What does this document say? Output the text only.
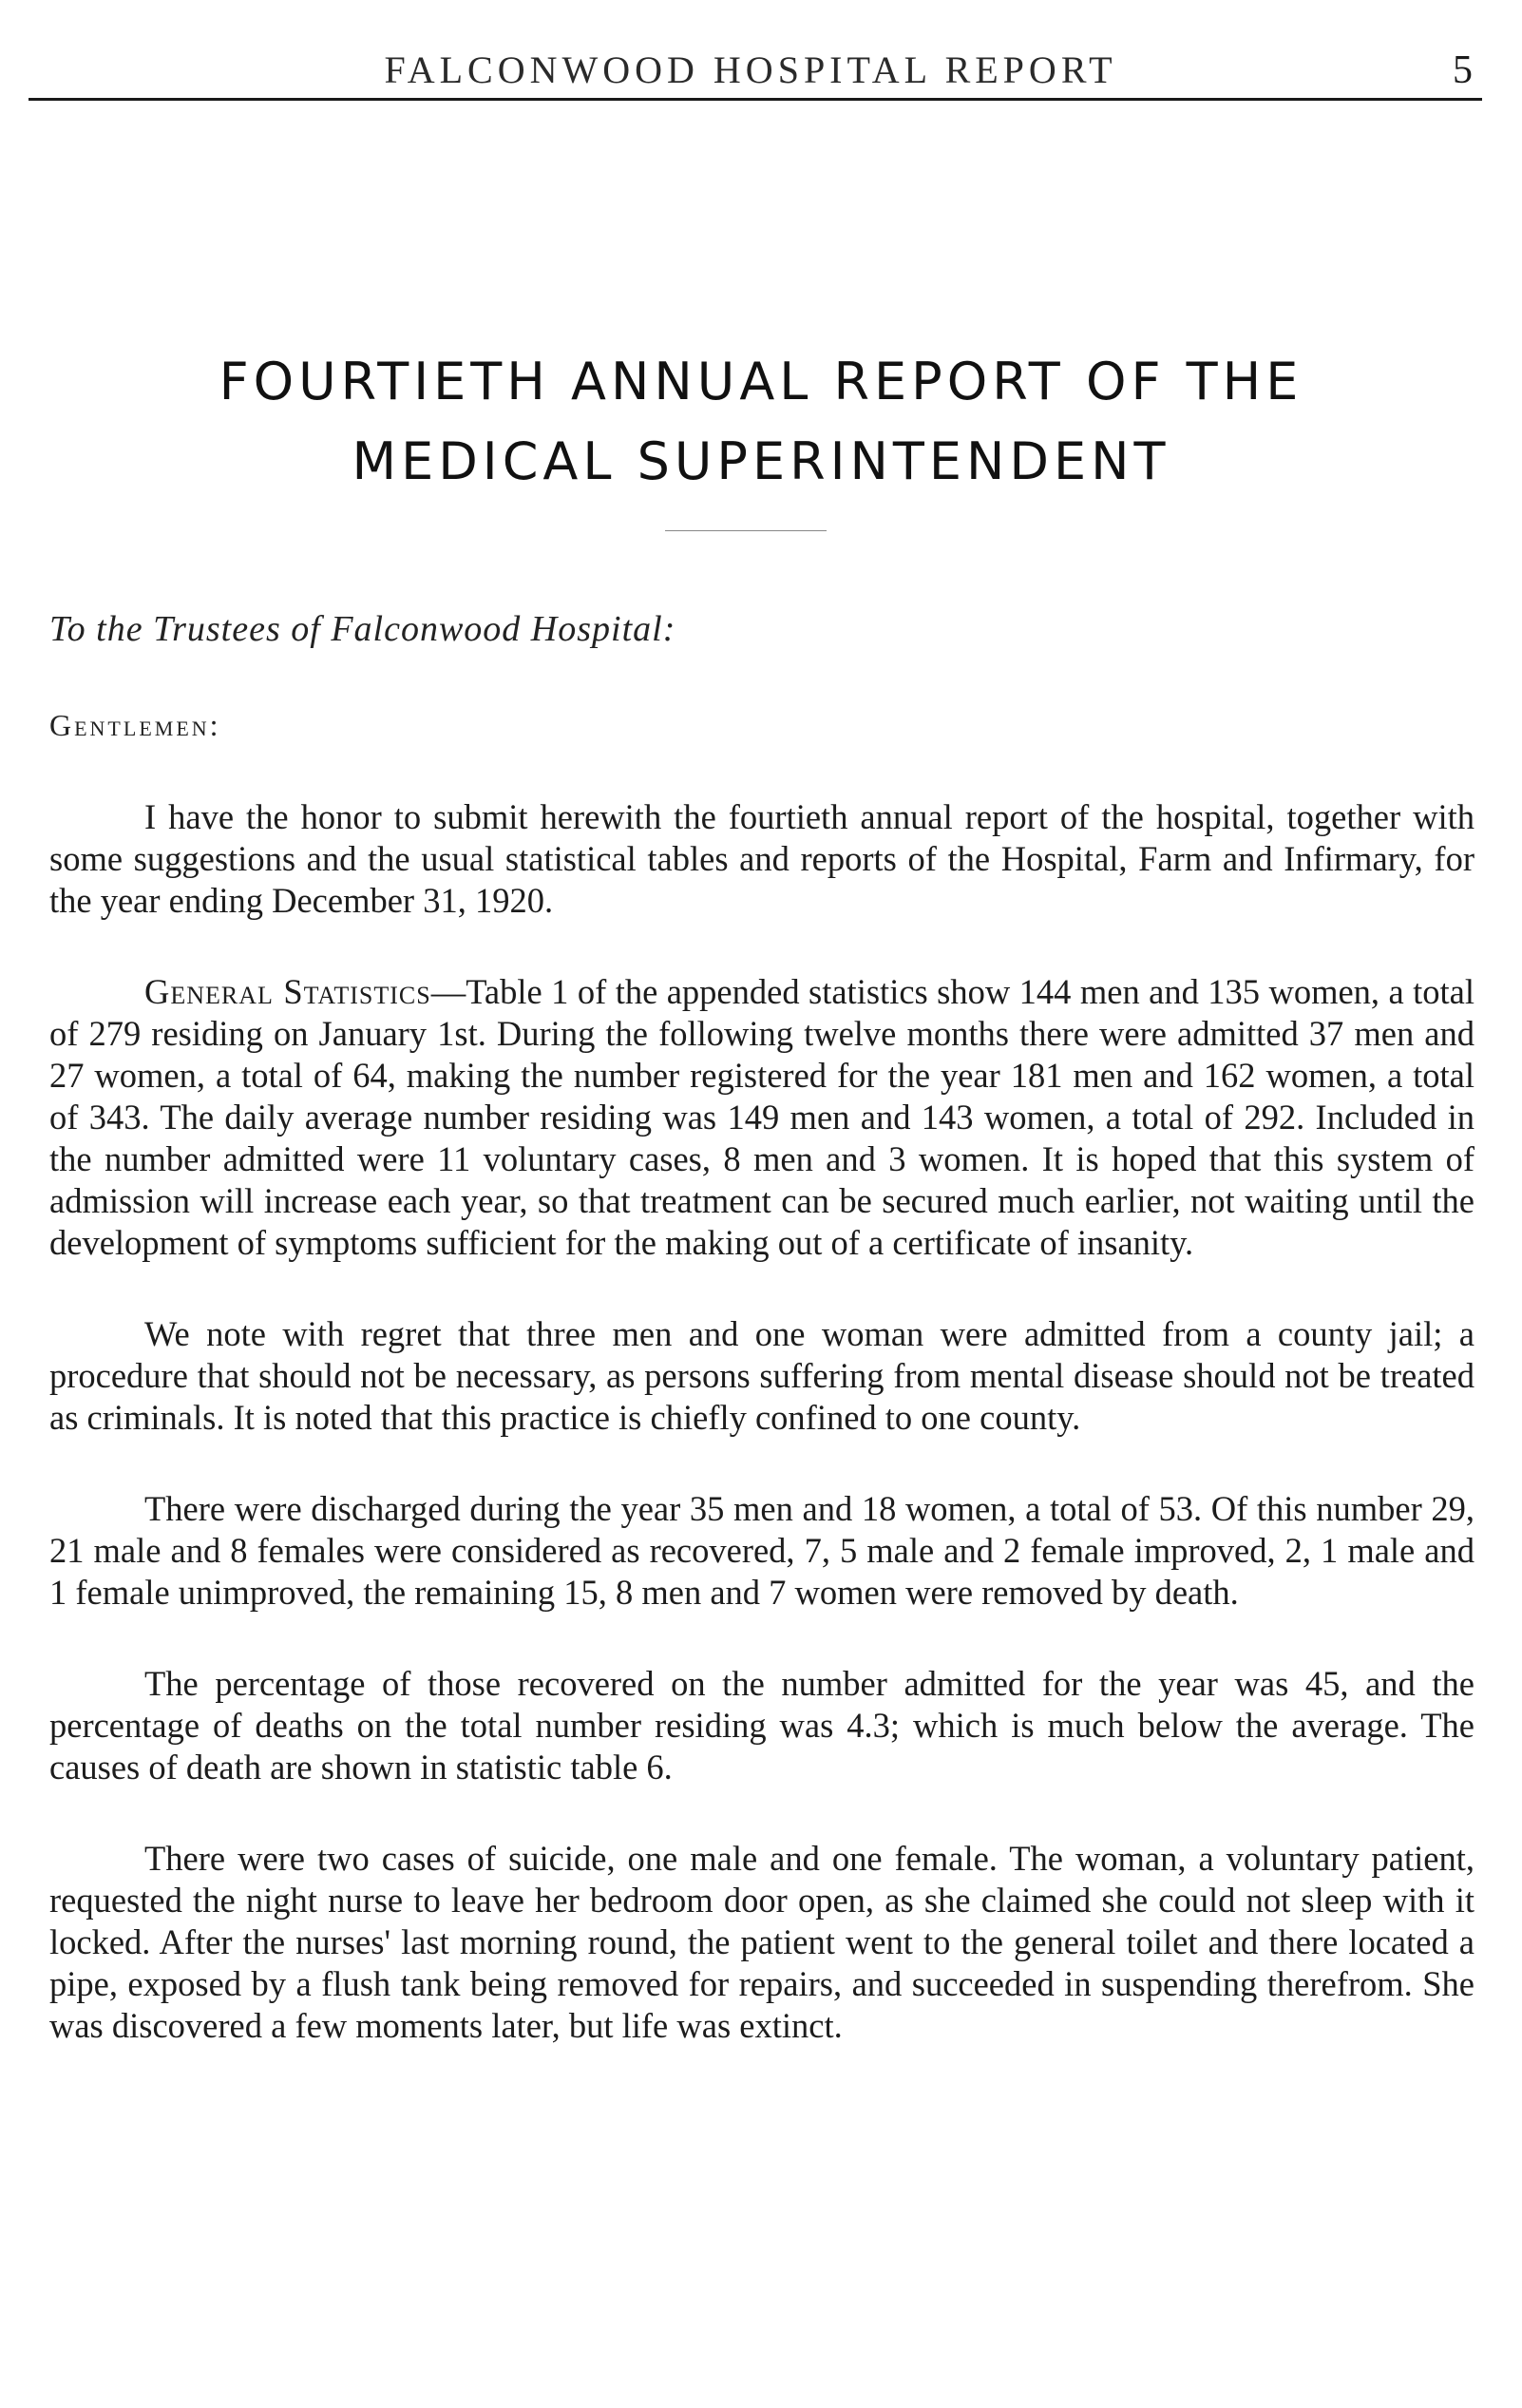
FALCONWOOD HOSPITAL REPORT	5
FOURTIETH ANNUAL REPORT OF THE
MEDICAL SUPERINTENDENT
To the Trustees of Falconwood Hospital:
Gentlemen:

I have the honor to submit herewith the fourtieth annual report of the hospital, together with some suggestions and the usual statistical tables and reports of the Hospital, Farm and Infirmary, for the year ending December 31, 1920.

General Statistics—Table 1 of the appended statistics show 144 men and 135 women, a total of 279 residing on January 1st. During the following twelve months there were admitted 37 men and 27 women, a total of 64, making the number registered for the year 181 men and 162 women, a total of 343. The daily average number residing was 149 men and 143 women, a total of 292. Included in the number admitted were 11 voluntary cases, 8 men and 3 women. It is hoped that this system of admission will increase each year, so that treatment can be secured much earlier, not waiting until the development of symptoms sufficient for the making out of a certificate of insanity.

We note with regret that three men and one woman were admitted from a county jail; a procedure that should not be necessary, as persons suffering from mental disease should not be treated as criminals. It is noted that this practice is chiefly confined to one county.

There were discharged during the year 35 men and 18 women, a total of 53. Of this number 29, 21 male and 8 females were considered as recovered, 7, 5 male and 2 female improved, 2, 1 male and 1 female unimproved, the remaining 15, 8 men and 7 women were removed by death.

The percentage of those recovered on the number admitted for the year was 45, and the percentage of deaths on the total number residing was 4.3; which is much below the average. The causes of death are shown in statistic table 6.

There were two cases of suicide, one male and one female. The woman, a voluntary patient, requested the night nurse to leave her bedroom door open, as she claimed she could not sleep with it locked. After the nurses' last morning round, the patient went to the general toilet and there located a pipe, exposed by a flush tank being removed for repairs, and succeeded in suspending therefrom. She was discovered a few moments later, but life was extinct.
